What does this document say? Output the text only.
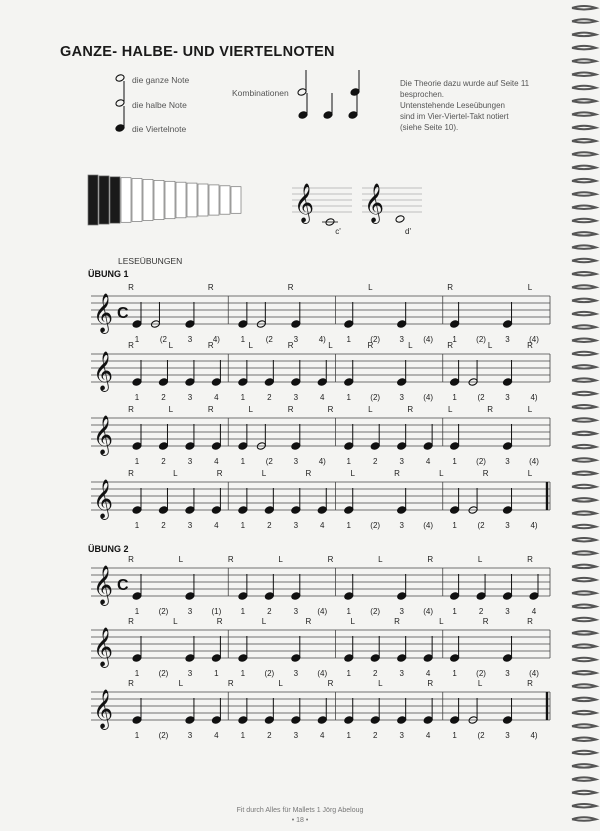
GANZE- HALBE- UND VIERTELNOTEN
die ganze Note
die halbe Note
die Viertelnote
Kombinationen
Die Theorie dazu wurde auf Seite 11
besprochen.
Untenstehende Leseübungen
sind im Vier-Viertel-Takt notiert
(siehe Seite 10).
LESEÜBUNGEN
ÜBUNG 1
ÜBUNG 2
𝄞
c'
𝄞
d'
𝄞 C
1	(2	3	4)	1	(2	3	4)	1 (2) 3 (4) 1 (2) 3 (4)
R	R	R	L	R	L
𝄞
1	2	3	4	1	2	3	4	1 (2) 3 (4) 1	(2	3	4)
R	L	R	L	R	L	R	L	R	L	R
𝄞
1	2	3	4	1	(2	3	4)	1	2	3	4	1 (2) 3 (4)
R	L	R	L	R	R	L	R	L	R	L
𝄞
1	2	3	4	1	2	3	4	1 (2) 3 (4) 1	(2	3	4)
R	L	R	L	R	L	R	L	R	L
𝄞 C
1 (2) 3 (1) 1	2	3 (4) 1 (2) 3 (4) 1	2	3	4
R	L	R	L	R	L	R	L	R
𝄞
1 (2) 3	1	1 (2) 3 (4) 1	2	3	4	1 (2) 3 (4)
R	L	R	L	R	L	R	L	R	R
𝄞
1 (2) 3	4	1	2	3	4	1	2	3	4	1	(2	3	4)
R	L	R	L	R	L	R	L	R
Fit durch Alles für Mallets 1 Jörg Abeloug
• 18 •
